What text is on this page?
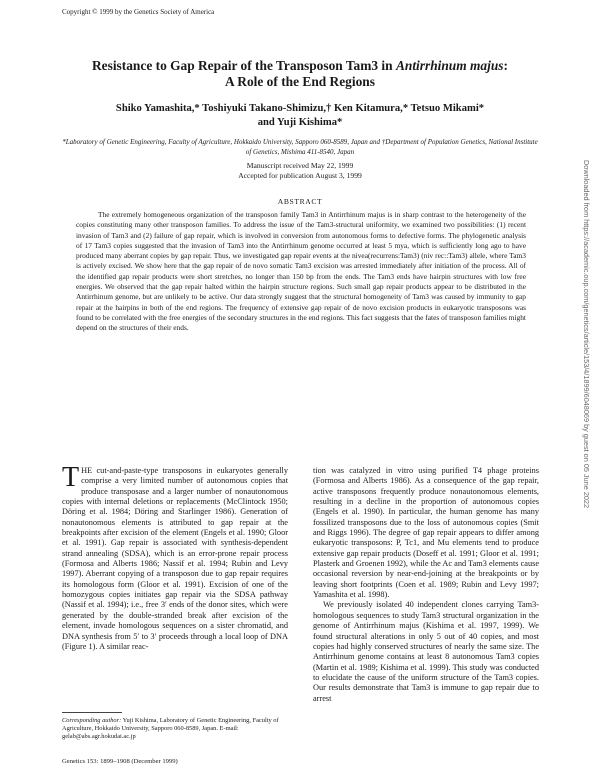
Copyright © 1999 by the Genetics Society of America
Resistance to Gap Repair of the Transposon Tam3 in Antirrhinum majus:
A Role of the End Regions
Shiko Yamashita,* Toshiyuki Takano-Shimizu,† Ken Kitamura,* Tetsuo Mikami*
and Yuji Kishima*
*Laboratory of Genetic Engineering, Faculty of Agriculture, Hokkaido University, Sapporo 060-8589, Japan and †Department of Population Genetics, National Institute of Genetics, Mishima 411-8540, Japan
Manuscript received May 22, 1999
Accepted for publication August 3, 1999
ABSTRACT
The extremely homogeneous organization of the transposon family Tam3 in Antirrhinum majus is in sharp contrast to the heterogeneity of the copies constituting many other transposon families. To address the issue of the Tam3-structural uniformity, we examined two possibilities: (1) recent invasion of Tam3 and (2) failure of gap repair, which is involved in conversion from autonomous forms to defective forms. The phylogenetic analysis of 17 Tam3 copies suggested that the invasion of Tam3 into the Antirrhinum genome occurred at least 5 mya, which is sufficiently long ago to have produced many aberrant copies by gap repair. Thus, we investigated gap repair events at the nivea(recurrens:Tam3) (niv rec::Tam3) allele, where Tam3 is actively excised. We show here that the gap repair of de novo somatic Tam3 excision was arrested immediately after initiation of the process. All of the identified gap repair products were short stretches, no longer than 150 bp from the ends. The Tam3 ends have hairpin structures with low free energies. We observed that the gap repair halted within the hairpin structure regions. Such small gap repair products appear to be distributed in the Antirrhinum genome, but are unlikely to be active. Our data strongly suggest that the structural homogeneity of Tam3 was caused by immunity to gap repair at the hairpins in both of the end regions. The frequency of extensive gap repair of de novo excision products in eukaryotic transposons was found to be correlated with the free energies of the secondary structures in the end regions. This fact suggests that the fates of transposon families might depend on the structures of their ends.

THE cut-and-paste-type transposons in eukaryotes generally comprise a very limited number of autonomous copies that produce transposase and a larger number of nonautonomous copies with internal deletions or replacements (McClintock 1950; Döring et al. 1984; Döring and Starlinger 1986). Generation of nonautonomous elements is attributed to gap repair at the breakpoints after excision of the element (Engels et al. 1990; Gloor et al. 1991). Gap repair is associated with synthesis-dependent strand annealing (SDSA), which is an error-prone repair process (Formosa and Alberts 1986; Nassif et al. 1994; Rubin and Levy 1997). Aberrant copying of a transposon due to gap repair requires its homologous form (Gloor et al. 1991). Excision of one of the homozygous copies initiates gap repair via the SDSA pathway (Nassif et al. 1994); i.e., free 3′ ends of the donor sites, which were generated by the double-stranded break after excision of the element, invade homologous sequences on a sister chromatid, and DNA synthesis from 5′ to 3′ proceeds through a local loop of DNA (Figure 1). A similar reac-

tion was catalyzed in vitro using purified T4 phage proteins (Formosa and Alberts 1986). As a consequence of the gap repair, active transposons frequently produce nonautonomous elements, resulting in a decline in the proportion of autonomous copies (Engels et al. 1990). In particular, the human genome has many fossilized transposons due to the loss of autonomous copies (Smit and Riggs 1996). The degree of gap repair appears to differ among eukaryotic transposons: P, Tc1, and Mu elements tend to produce extensive gap repair products (Doseff et al. 1991; Gloor et al. 1991; Plasterk and Groenen 1992), while the Ac and Tam3 elements cause occasional reversion by near-end-joining at the breakpoints or by leaving short footprints (Coen et al. 1989; Rubin and Levy 1997; Yamashita et al. 1998).

We previously isolated 40 independent clones carrying Tam3-homologous sequences to study Tam3 structural organization in the genome of Antirrhinum majus (Kishima et al. 1997, 1999). We found structural alterations in only 5 out of 40 copies, and most copies had highly conserved structures of nearly the same size. The Antirrhinum genome contains at least 8 autonomous Tam3 copies (Martin et al. 1989; Kishima et al. 1999). This study was conducted to elucidate the cause of the uniform structure of the Tam3 copies. Our results demonstrate that Tam3 is immune to gap repair due to arrest

Corresponding author: Yuji Kishima, Laboratory of Genetic Engineering, Faculty of Agriculture, Hokkaido University, Sapporo 060-8589, Japan. E-mail: gelab@abs.agr.hokudai.ac.jp
Genetics 153: 1899–1908 (December 1999)
Downloaded from https://academic.oup.com/genetics/article/153/4/1899/6048069 by guest on 05 June 2022
